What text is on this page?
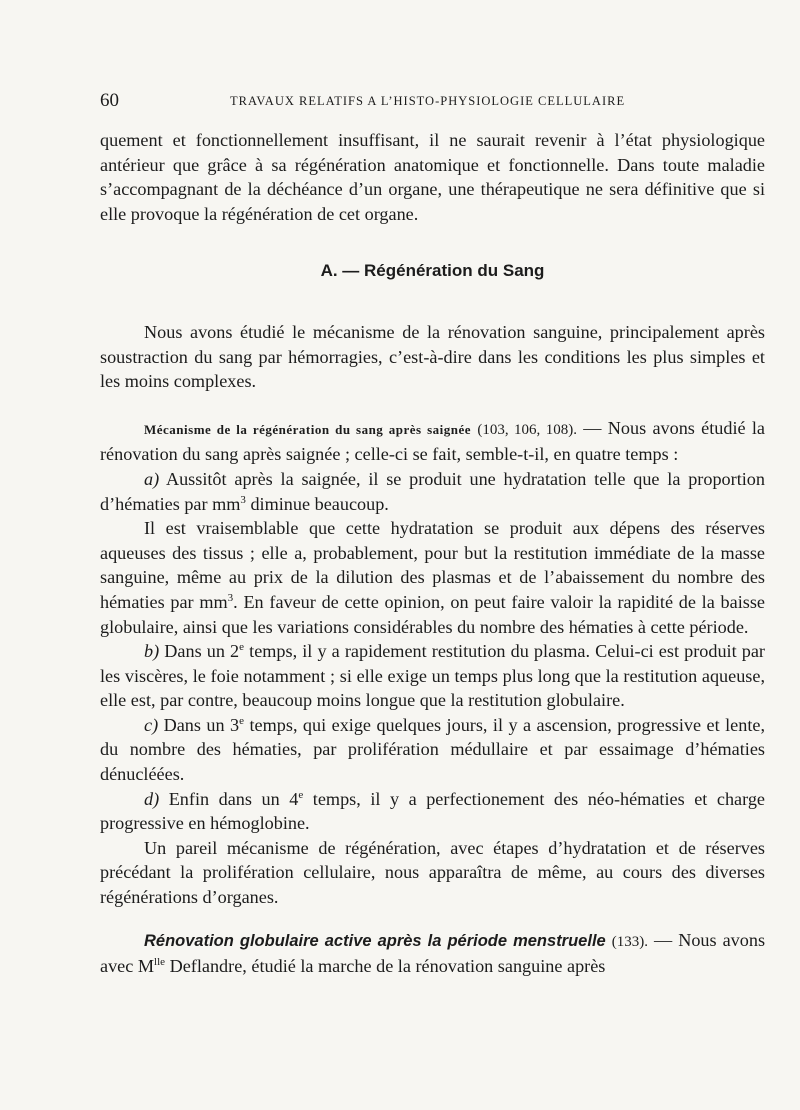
60	TRAVAUX RELATIFS A L’HISTO-PHYSIOLOGIE CELLULAIRE

quement et fonctionnellement insuffisant, il ne saurait revenir à l’état physiologique antérieur que grâce à sa régénération anatomique et fonctionnelle. Dans toute maladie s’accompagnant de la déchéance d’un organe, une thérapeutique ne sera définitive que si elle provoque la régénération de cet organe.

A. — Régénération du Sang

Nous avons étudié le mécanisme de la rénovation sanguine, principalement après soustraction du sang par hémorragies, c’est-à-dire dans les conditions les plus simples et les moins complexes.

Mécanisme de la régénération du sang après saignée (103, 106, 108). — Nous avons étudié la rénovation du sang après saignée ; celle-ci se fait, semble-t-il, en quatre temps :

a) Aussitôt après la saignée, il se produit une hydratation telle que la proportion d’hématies par $mm^3$ diminue beaucoup.

Il est vraisemblable que cette hydratation se produit aux dépens des réserves aqueuses des tissus ; elle a, probablement, pour but la restitution immédiate de la masse sanguine, même au prix de la dilution des plasmas et de l’abaissement du nombre des hématies par $mm^3$. En faveur de cette opinion, on peut faire valoir la rapidité de la baisse globulaire, ainsi que les variations considérables du nombre des hématies à cette période.

b) Dans un 2e temps, il y a rapidement restitution du plasma. Celui-ci est produit par les viscères, le foie notamment ; si elle exige un temps plus long que la restitution aqueuse, elle est, par contre, beaucoup moins longue que la restitution globulaire.

c) Dans un 3e temps, qui exige quelques jours, il y a ascension, progressive et lente, du nombre des hématies, par prolifération médullaire et par essaimage d’hématies dénucléées.

d) Enfin dans un 4e temps, il y a perfectionement des néo-hématies et charge progressive en hémoglobine.

Un pareil mécanisme de régénération, avec étapes d’hydratation et de réserves précédant la prolifération cellulaire, nous apparaîtra de même, au cours des diverses régénérations d’organes.

Rénovation globulaire active après la période menstruelle (133). — Nous avons avec $M^{lle}$ Deflandre, étudié la marche de la rénovation sanguine après
